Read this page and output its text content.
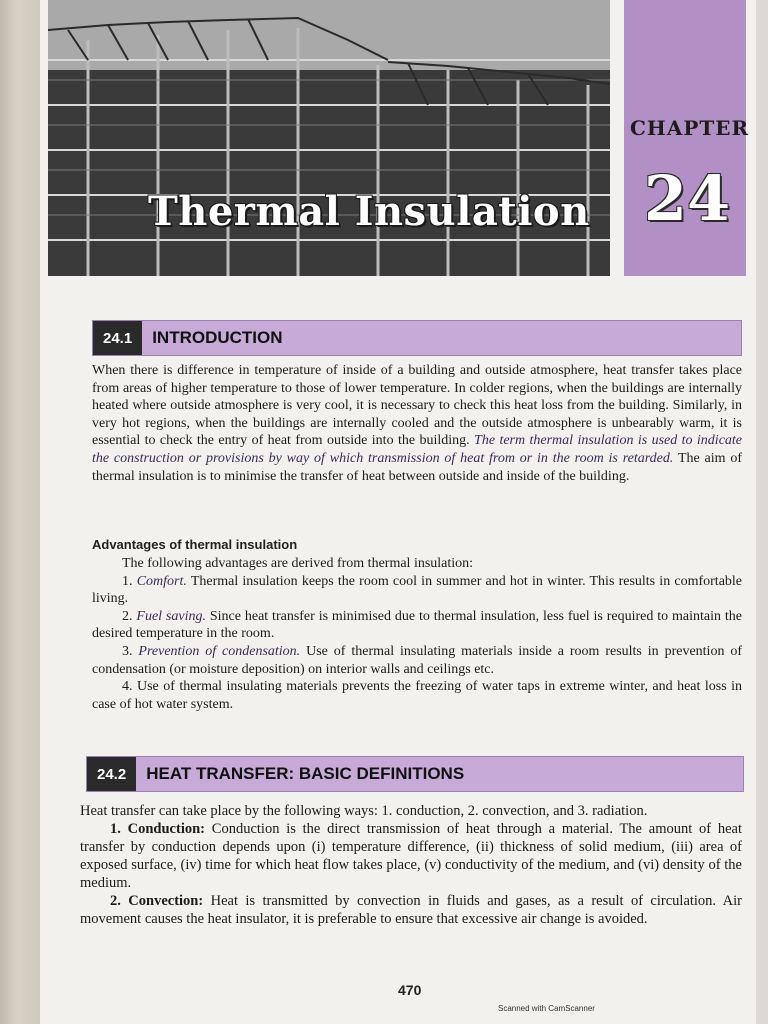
Thermal Insulation
CHAPTER
24
24.1	INTRODUCTION

When there is difference in temperature of inside of a building and outside atmosphere, heat transfer takes place from areas of higher temperature to those of lower temperature. In colder regions, when the buildings are internally heated where outside atmosphere is very cool, it is necessary to check this heat loss from the building. Similarly, in very hot regions, when the buildings are internally cooled and the outside atmosphere is unbearably warm, it is essential to check the entry of heat from outside into the building. The term thermal insulation is used to indicate the construction or provisions by way of which transmission of heat from or in the room is retarded. The aim of thermal insulation is to minimise the transfer of heat between outside and inside of the building.

Advantages of thermal insulation

The following advantages are derived from thermal insulation:

1. Comfort. Thermal insulation keeps the room cool in summer and hot in winter. This results in comfortable living.

2. Fuel saving. Since heat transfer is minimised due to thermal insulation, less fuel is required to maintain the desired temperature in the room.

3. Prevention of condensation. Use of thermal insulating materials inside a room results in prevention of condensation (or moisture deposition) on interior walls and ceilings etc.

4. Use of thermal insulating materials prevents the freezing of water taps in extreme winter, and heat loss in case of hot water system.

24.2	HEAT TRANSFER: BASIC DEFINITIONS

Heat transfer can take place by the following ways: 1. conduction, 2. convection, and 3. radiation.

1. Conduction: Conduction is the direct transmission of heat through a material. The amount of heat transfer by conduction depends upon (i) temperature difference, (ii) thickness of solid medium, (iii) area of exposed surface, (iv) time for which heat flow takes place, (v) conductivity of the medium, and (vi) density of the medium.

2. Convection: Heat is transmitted by convection in fluids and gases, as a result of circulation. Air movement causes the heat insulator, it is preferable to ensure that excessive air change is avoided.

470
Scanned with CamScanner
